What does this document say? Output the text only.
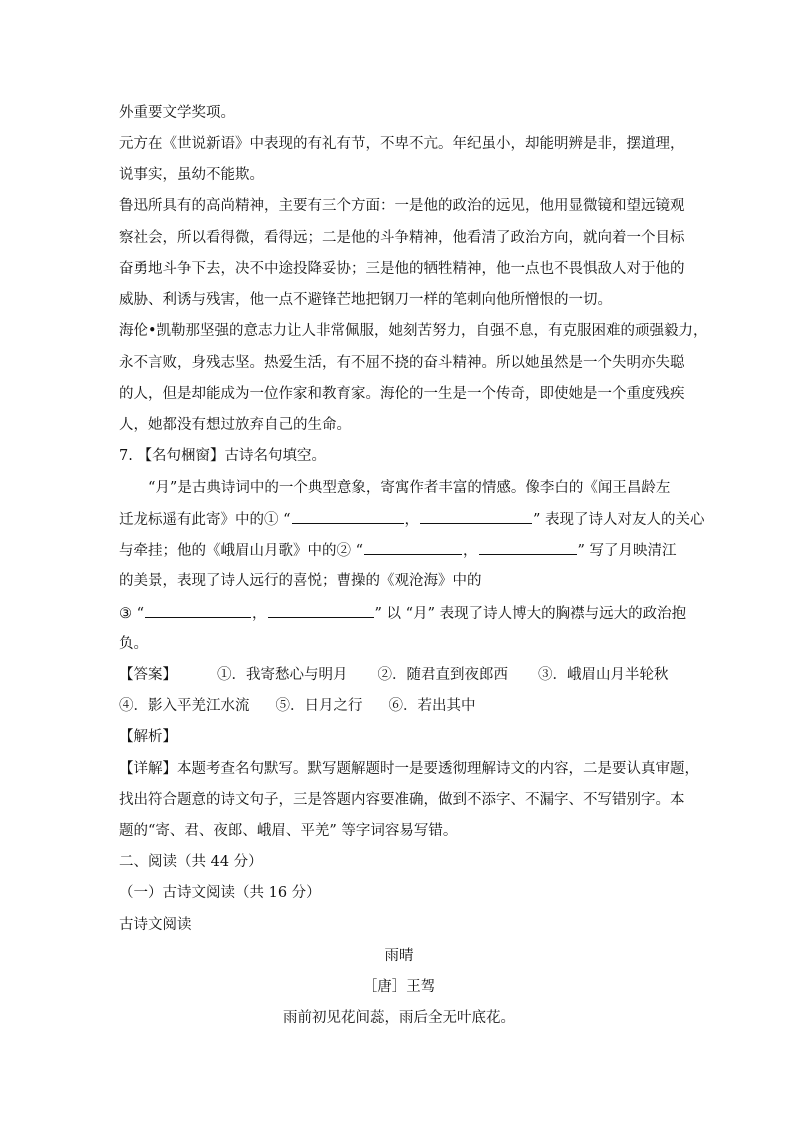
外重要文学奖项。
元方在《世说新语》中表现的有礼有节，不卑不亢。年纪虽小，却能明辨是非，摆道理，
说事实，虽幼不能欺。
鲁迅所具有的高尚精神，主要有三个方面：一是他的政治的远见，他用显微镜和望远镜观
察社会，所以看得微，看得远；二是他的斗争精神，他看清了政治方向，就向着一个目标
奋勇地斗争下去，决不中途投降妥协；三是他的牺牲精神，他一点也不畏惧敌人对于他的
威胁、利诱与残害，他一点不避锋芒地把钢刀一样的笔刺向他所憎恨的一切。
海伦•凯勒那坚强的意志力让人非常佩服，她刻苦努力，自强不息，有克服困难的顽强毅力，
永不言败，身残志坚。热爱生活，有不屈不挠的奋斗精神。所以她虽然是一个失明亦失聪
的人，但是却能成为一位作家和教育家。海伦的一生是一个传奇，即使她是一个重度残疾
人，她都没有想过放弃自己的生命。
7. 【名句梱窗】古诗名句填空。
“月”是古典诗词中的一个典型意象，寄寓作者丰富的情感。像李白的《闻王昌龄左
迁龙标遥有此寄》中的① “	，	” 表现了诗人对友人的关心
与牵挂；他的《峨眉山月歌》中的② “	，	” 写了月映清江
的美景，表现了诗人远行的喜悦；曹操的《观沧海》中的
③ “	，	” 以 “月” 表现了诗人博大的胸襟与远大的政治抱
负。
【答案】	①．我寄愁心与明月 ②．随君直到夜郎西 ③．峨眉山月半轮秋
④．影入平羌江水流 ⑤．日月之行 ⑥．若出其中
【解析】
【详解】本题考查名句默写。默写题解题时一是要透彻理解诗文的内容，二是要认真审题，
找出符合题意的诗文句子，三是答题内容要准确，做到不添字、不漏字、不写错别字。本
题的“寄、君、夜郎、峨眉、平羌” 等字词容易写错。
二、阅读（共 44 分）
（一）古诗文阅读（共 16 分）
古诗文阅读
雨晴
［唐］王驾
雨前初见花间蕊，雨后全无叶底花。
